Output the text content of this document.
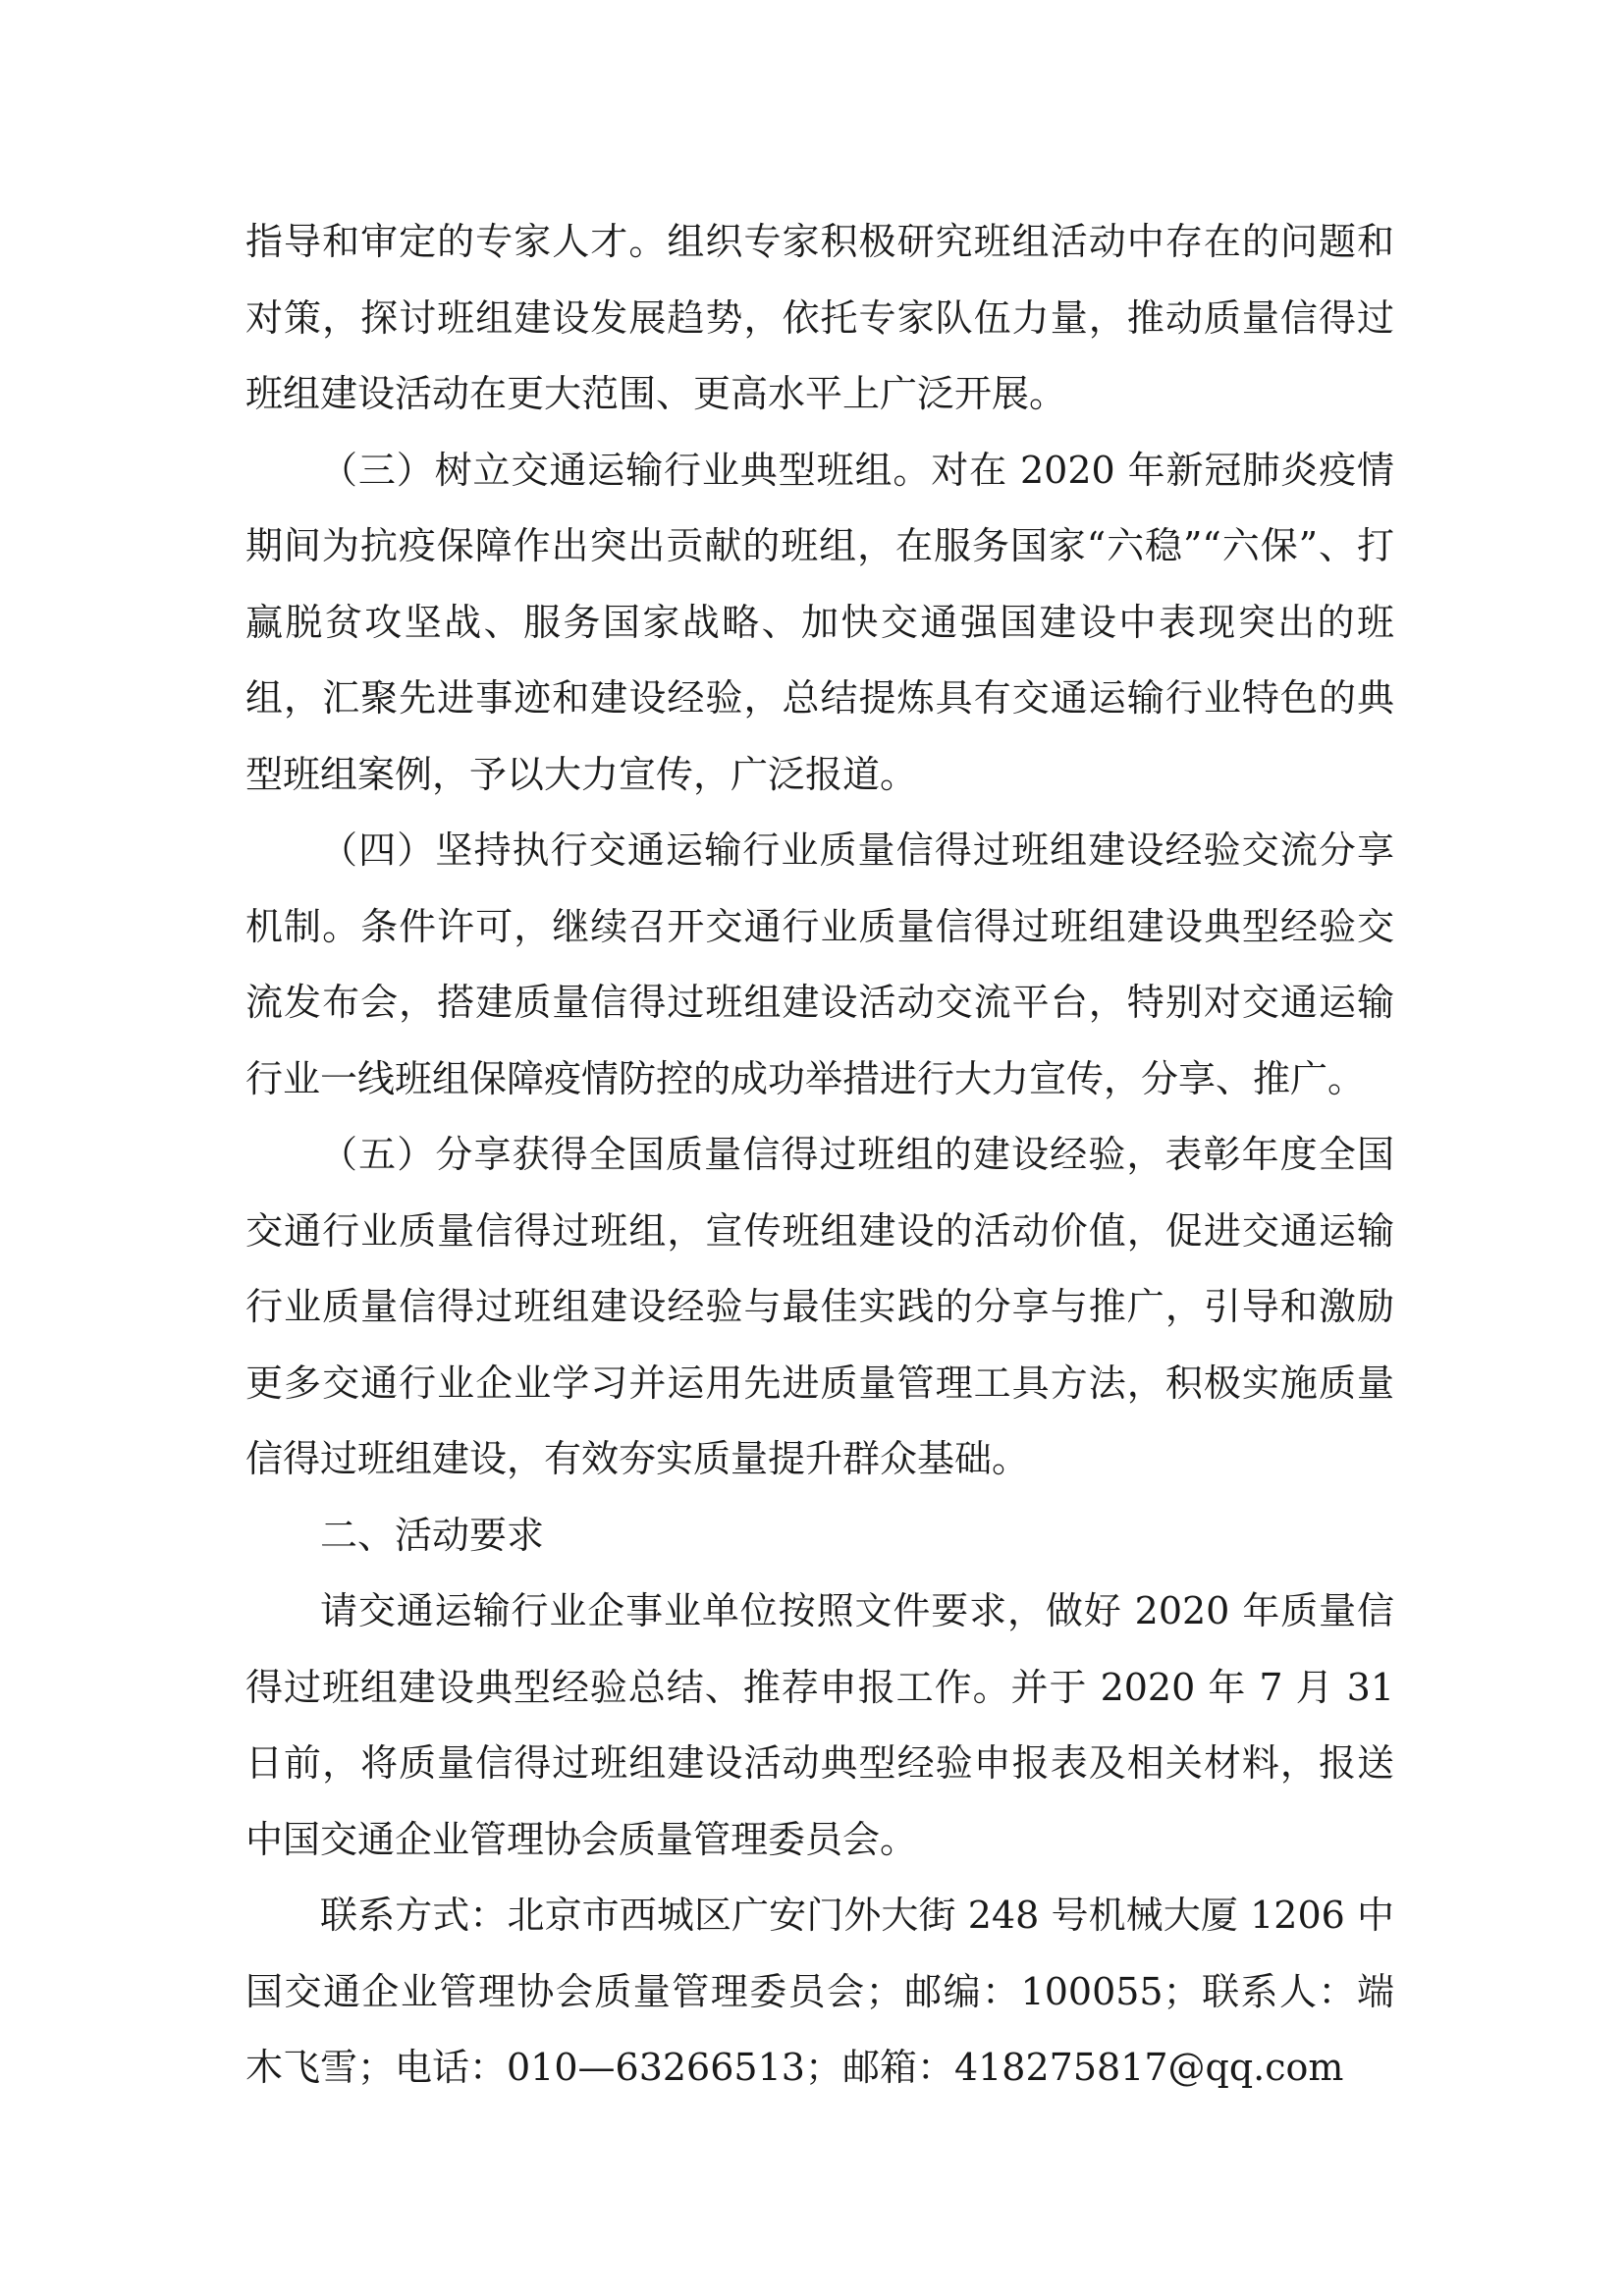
指导和审定的专家人才。组织专家积极研究班组活动中存在的问题和对策，探讨班组建设发展趋势，依托专家队伍力量，推动质量信得过班组建设活动在更大范围、更高水平上广泛开展。

（三）树立交通运输行业典型班组。对在 2020 年新冠肺炎疫情期间为抗疫保障作出突出贡献的班组，在服务国家“六稳”“六保”、打赢脱贫攻坚战、服务国家战略、加快交通强国建设中表现突出的班组，汇聚先进事迹和建设经验，总结提炼具有交通运输行业特色的典型班组案例，予以大力宣传，广泛报道。

（四）坚持执行交通运输行业质量信得过班组建设经验交流分享机制。条件许可，继续召开交通行业质量信得过班组建设典型经验交流发布会，搭建质量信得过班组建设活动交流平台，特别对交通运输行业一线班组保障疫情防控的成功举措进行大力宣传，分享、推广。

（五）分享获得全国质量信得过班组的建设经验，表彰年度全国交通行业质量信得过班组，宣传班组建设的活动价值，促进交通运输行业质量信得过班组建设经验与最佳实践的分享与推广，引导和激励更多交通行业企业学习并运用先进质量管理工具方法，积极实施质量信得过班组建设，有效夯实质量提升群众基础。

二、活动要求

请交通运输行业企事业单位按照文件要求，做好 2020 年质量信得过班组建设典型经验总结、推荐申报工作。并于 2020 年 7 月 31 日前，将质量信得过班组建设活动典型经验申报表及相关材料，报送中国交通企业管理协会质量管理委员会。

联系方式：北京市西城区广安门外大街 248 号机械大厦 1206 中国交通企业管理协会质量管理委员会；邮编：100055；联系人：端木飞雪；电话：010—63266513；邮箱：418275817@qq.com
